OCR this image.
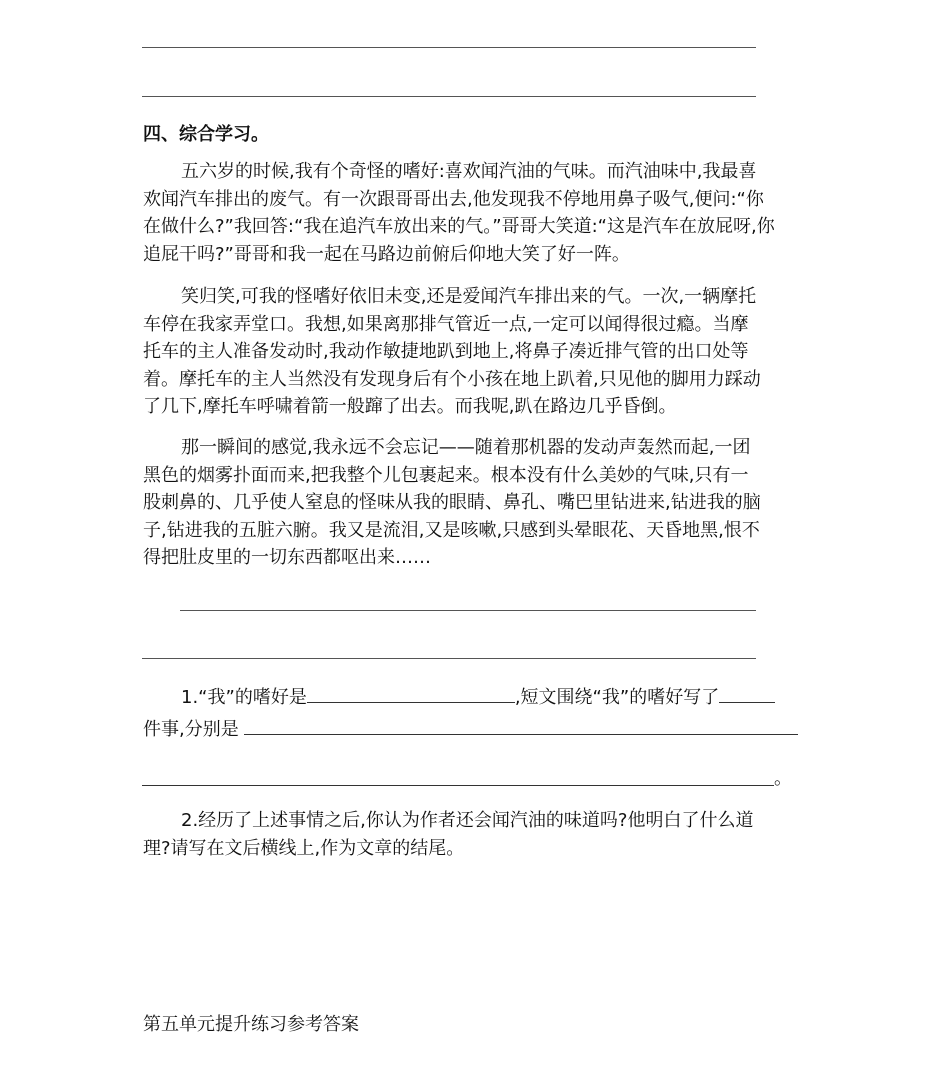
四、综合学习。
五六岁的时候,我有个奇怪的嗜好:喜欢闻汽油的气味。而汽油味中,我最喜
欢闻汽车排出的废气。有一次跟哥哥出去,他发现我不停地用鼻子吸气,便问:“你
在做什么?”我回答:“我在追汽车放出来的气。”哥哥大笑道:“这是汽车在放屁呀,你
追屁干吗?”哥哥和我一起在马路边前俯后仰地大笑了好一阵。
笑归笑,可我的怪嗜好依旧未变,还是爱闻汽车排出来的气。一次,一辆摩托
车停在我家弄堂口。我想,如果离那排气管近一点,一定可以闻得很过瘾。当摩
托车的主人准备发动时,我动作敏捷地趴到地上,将鼻子凑近排气管的出口处等
着。摩托车的主人当然没有发现身后有个小孩在地上趴着,只见他的脚用力踩动
了几下,摩托车呼啸着箭一般蹿了出去。而我呢,趴在路边几乎昏倒。
那一瞬间的感觉,我永远不会忘记——随着那机器的发动声轰然而起,一团
黑色的烟雾扑面而来,把我整个儿包裹起来。根本没有什么美妙的气味,只有一
股刺鼻的、几乎使人窒息的怪味从我的眼睛、鼻孔、嘴巴里钻进来,钻进我的脑
子,钻进我的五脏六腑。我又是流泪,又是咳嗽,只感到头晕眼花、天昏地黑,恨不
得把肚皮里的一切东西都呕出来……
1.“我”的嗜好是	,短文围绕“我”的嗜好写了
件事,分别是
。
2.经历了上述事情之后,你认为作者还会闻汽油的味道吗?他明白了什么道
理?请写在文后横线上,作为文章的结尾。
第五单元提升练习参考答案
